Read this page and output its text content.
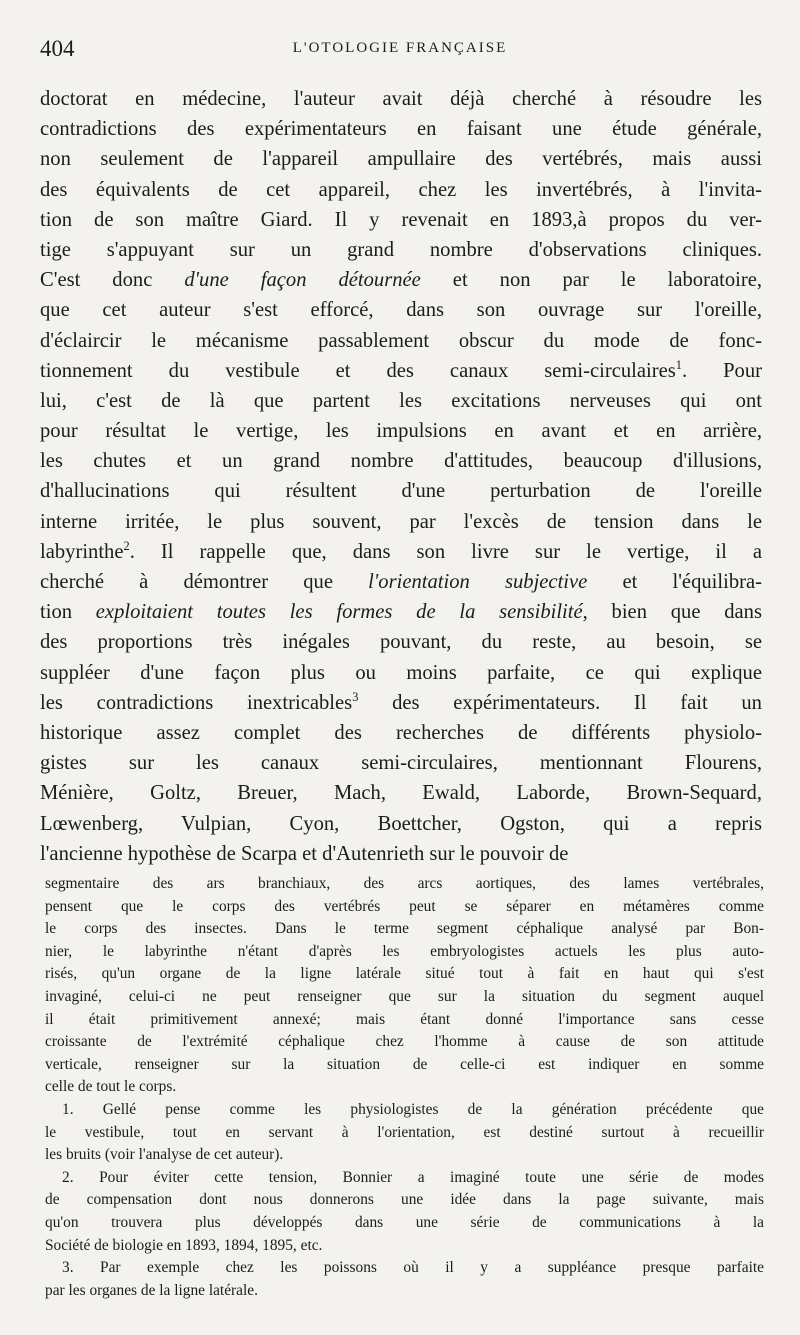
404	L'OTOLOGIE FRANÇAISE
doctorat en médecine, l'auteur avait déjà cherché à résoudre les
contradictions des expérimentateurs en faisant une étude générale,
non seulement de l'appareil ampullaire des vertébrés, mais aussi
des équivalents de cet appareil, chez les invertébrés, à l'invita-
tion de son maître Giard. Il y revenait en 1893,à propos du ver-
tige s'appuyant sur un grand nombre d'observations cliniques.
C'est donc d'une façon détournée et non par le laboratoire,
que cet auteur s'est efforcé, dans son ouvrage sur l'oreille,
d'éclaircir le mécanisme passablement obscur du mode de fonc-
tionnement du vestibule et des canaux semi-circulaires$^1$. Pour
lui, c'est de là que partent les excitations nerveuses qui ont
pour résultat le vertige, les impulsions en avant et en arrière,
les chutes et un grand nombre d'attitudes, beaucoup d'illusions,
d'hallucinations qui résultent d'une perturbation de l'oreille
interne irritée, le plus souvent, par l'excès de tension dans le
labyrinthe$^2$. Il rappelle que, dans son livre sur le vertige, il a
cherché à démontrer que l'orientation subjective et l'équilibra-
tion exploitaient toutes les formes de la sensibilité, bien que dans
des proportions très inégales pouvant, du reste, au besoin, se
suppléer d'une façon plus ou moins parfaite, ce qui explique
les contradictions inextricables$^3$ des expérimentateurs. Il fait un
historique assez complet des recherches de différents physiolo-
gistes sur les canaux semi-circulaires, mentionnant Flourens,
Ménière, Goltz, Breuer, Mach, Ewald, Laborde, Brown-Sequard,
Lœwenberg, Vulpian, Cyon, Boettcher, Ogston, qui a repris
l'ancienne hypothèse de Scarpa et d'Autenrieth sur le pouvoir de
segmentaire des ars branchiaux, des arcs aortiques, des lames vertébrales,
pensent que le corps des vertébrés peut se séparer en métamères comme
le corps des insectes. Dans le terme segment céphalique analysé par Bon-
nier, le labyrinthe n'étant d'après les embryologistes actuels les plus auto-
risés, qu'un organe de la ligne latérale situé tout à fait en haut qui s'est
invaginé, celui-ci ne peut renseigner que sur la situation du segment auquel
il était primitivement annexé; mais étant donné l'importance sans cesse
croissante de l'extrémité céphalique chez l'homme à cause de son attitude
verticale, renseigner sur la situation de celle-ci est indiquer en somme
celle de tout le corps.
1. Gellé pense comme les physiologistes de la génération précédente que
le vestibule, tout en servant à l'orientation, est destiné surtout à recueillir
les bruits (voir l'analyse de cet auteur).
2. Pour éviter cette tension, Bonnier a imaginé toute une série de modes
de compensation dont nous donnerons une idée dans la page suivante, mais
qu'on trouvera plus développés dans une série de communications à la
Société de biologie en 1893, 1894, 1895, etc.
3. Par exemple chez les poissons où il y a suppléance presque parfaite
par les organes de la ligne latérale.
